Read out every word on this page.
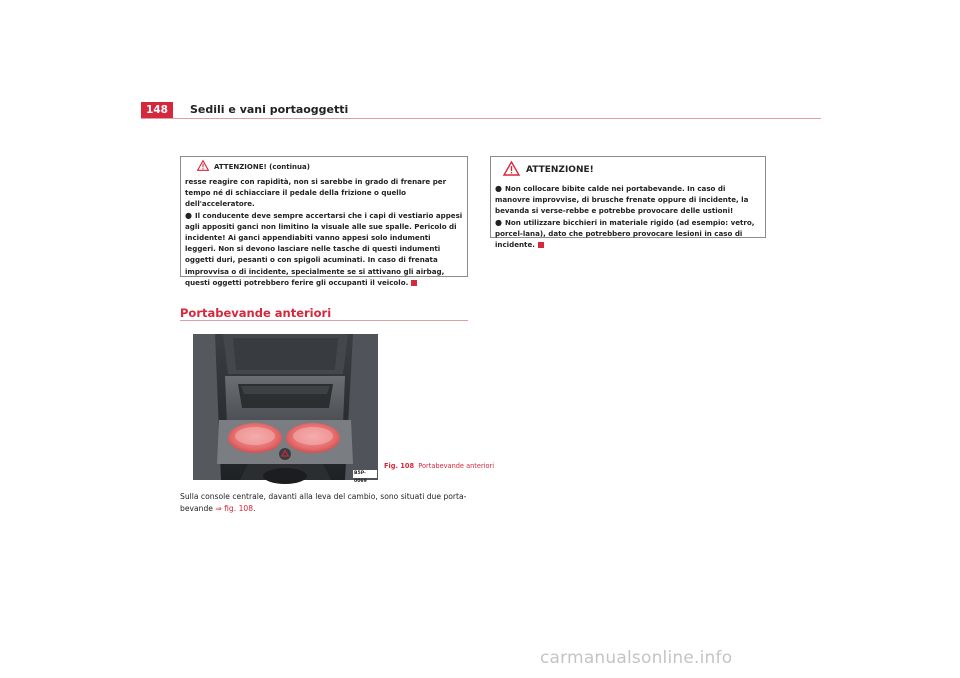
148	Sedili e vani portaoggetti
ATTENZIONE! (continua)

resse reagire con rapidità, non si sarebbe in grado di frenare per tempo né di schiacciare il pedale della frizione o quello dell'acceleratore.

● Il conducente deve sempre accertarsi che i capi di vestiario appesi agli appositi ganci non limitino la visuale alle sue spalle. Pericolo di incidente! Ai ganci appendiabiti vanno appesi solo indumenti leggeri. Non si devono lasciare nelle tasche di questi indumenti oggetti duri, pesanti o con spigoli acuminati. In caso di frenata improvvisa o di incidente, specialmente se si attivano gli airbag, questi oggetti potrebbero ferire gli occupanti il veicolo.

Portabevande anteriori
B5P-0069
Fig. 108 Portabevande anteriori
Sulla console centrale, davanti alla leva del cambio, sono situati due porta-bevande ⇒ fig. 108.
ATTENZIONE!

● Non collocare bibite calde nei portabevande. In caso di manovre improvvise, di brusche frenate oppure di incidente, la bevanda si verse-rebbe e potrebbe provocare delle ustioni!

● Non utilizzare bicchieri in materiale rigido (ad esempio: vetro, porcel-lana), dato che potrebbero provocare lesioni in caso di incidente.

carmanualsonline.info
